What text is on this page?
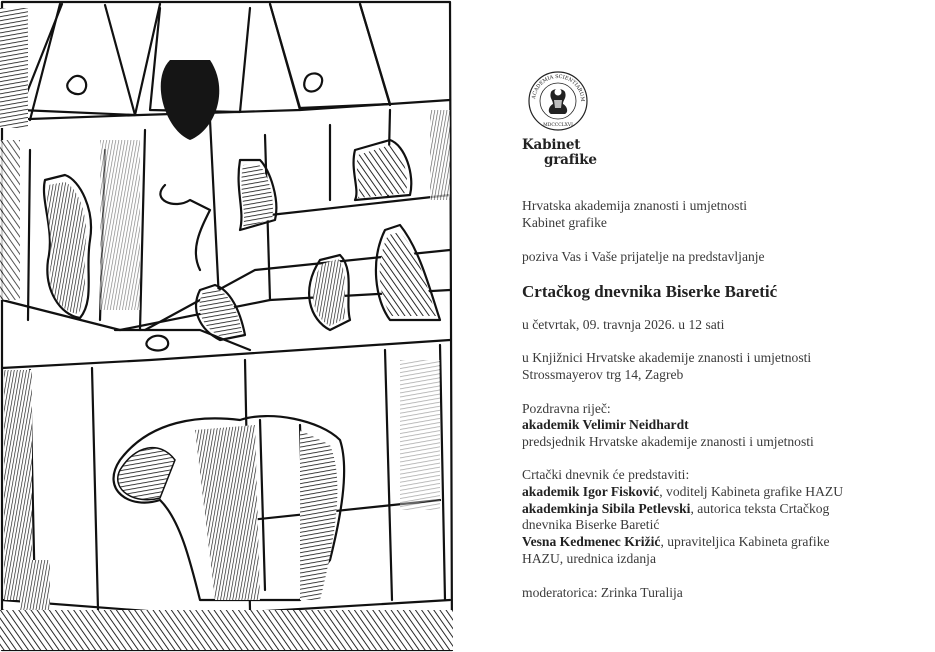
ACADEMIA SCIENTIARUM
MDCCCLXVI
Kabinet
grafike
Hrvatska akademija znanosti i umjetnosti
Kabinet grafike
poziva Vas i Vaše prijatelje na predstavljanje
Crtačkog dnevnika Biserke Baretić
u četvrtak, 09. travnja 2026. u 12 sati
u Knjižnici Hrvatske akademije znanosti i umjetnosti
Strossmayerov trg 14, Zagreb
Pozdravna riječ:
akademik Velimir Neidhardt
predsjednik Hrvatske akademije znanosti i umjetnosti
Crtački dnevnik će predstaviti:
akademik Igor Fisković, voditelj Kabineta grafike HAZU
akademkinja Sibila Petlevski, autorica teksta Crtačkog
dnevnika Biserke Baretić
Vesna Kedmenec Križić, upraviteljica Kabineta grafike
HAZU, urednica izdanja
moderatorica: Zrinka Turalija
